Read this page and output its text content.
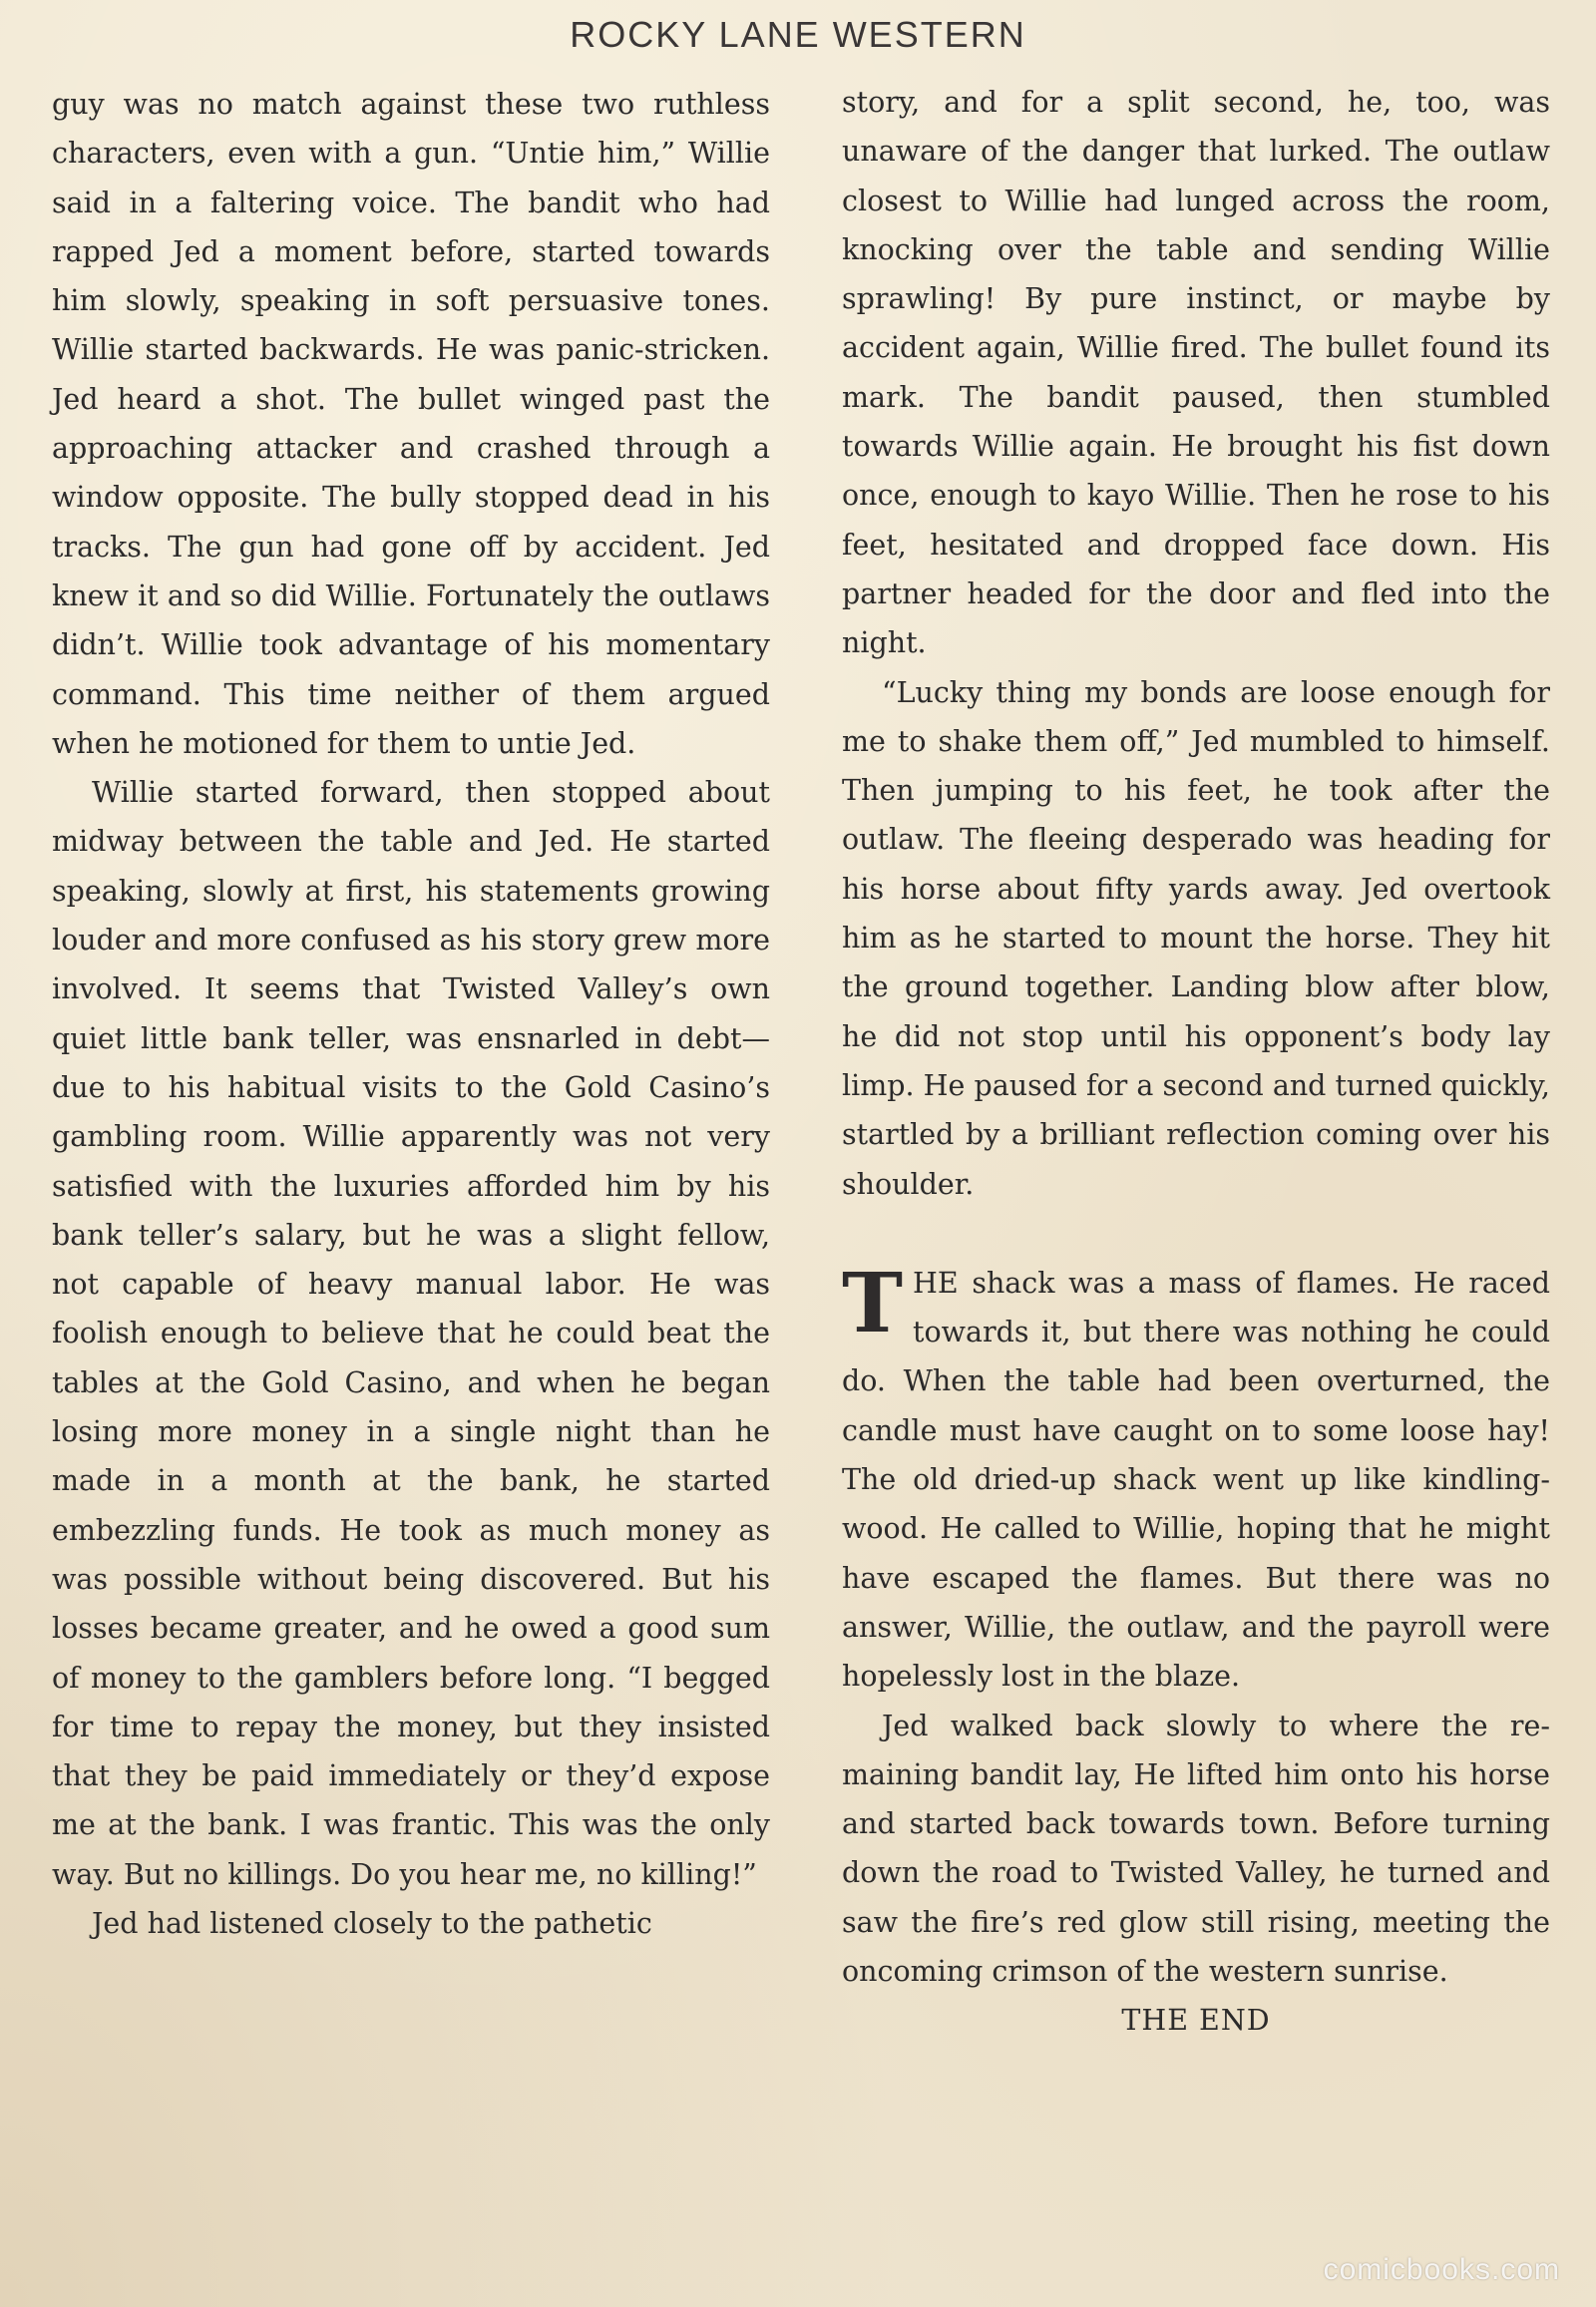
ROCKY LANE WESTERN

guy was no match against these two ruthless characters, even with a gun. “Untie him,” Willie said in a faltering voice. The bandit who had rapped Jed a moment before, started towards him slowly, speaking in soft persuasive tones. Willie started backwards. He was panic-stricken. Jed heard a shot. The bullet winged past the approaching attacker and crashed through a window opposite. The bully stopped dead in his tracks. The gun had gone off by accident. Jed knew it and so did Willie. Fortunately the outlaws didn’t. Willie took advantage of his momentary command. This time neither of them argued when he motioned for them to untie Jed.

Willie started forward, then stopped about midway between the table and Jed. He started speaking, slowly at first, his statements growing louder and more confused as his story grew more involved. It seems that Twisted Valley’s own quiet little bank teller, was ensnarled in debt—due to his habitual visits to the Gold Casino’s gambling room. Willie apparently was not very satisfied with the luxuries afforded him by his bank teller’s salary, but he was a slight fellow, not capable of heavy manual labor. He was foolish enough to believe that he could beat the tables at the Gold Casino, and when he began losing more money in a single night than he made in a month at the bank, he started embezzling funds. He took as much money as was possible without being discovered. But his losses became greater, and he owed a good sum of money to the gamblers before long. “I begged for time to repay the money, but they insisted that they be paid immediately or they’d expose me at the bank. I was frantic. This was the only way. But no killings. Do you hear me, no killing!”

Jed had listened closely to the pathetic

story, and for a split second, he, too, was unaware of the danger that lurked. The outlaw closest to Willie had lunged across the room, knocking over the table and sending Willie sprawling! By pure instinct, or maybe by accident again, Willie fired. The bullet found its mark. The bandit paused, then stumbled towards Willie again. He brought his fist down once, enough to kayo Willie. Then he rose to his feet, hesitated and dropped face down. His partner headed for the door and fled into the night.

“Lucky thing my bonds are loose enough for me to shake them off,” Jed mumbled to himself. Then jumping to his feet, he took after the outlaw. The fleeing desperado was heading for his horse about fifty yards away. Jed overtook him as he started to mount the horse. They hit the ground together. Landing blow after blow, he did not stop until his opponent’s body lay limp. He paused for a second and turned quickly, startled by a brilliant reflection coming over his shoulder.

THE shack was a mass of flames. He raced towards it, but there was nothing he could do. When the table had been overturned, the candle must have caught on to some loose hay! The old dried-up shack went up like kindling-wood. He called to Willie, hoping that he might have escaped the flames. But there was no answer, Willie, the outlaw, and the payroll were hopelessly lost in the blaze.

Jed walked back slowly to where the remaining bandit lay, He lifted him onto his horse and started back towards town. Before turning down the road to Twisted Valley, he turned and saw the fire’s red glow still rising, meeting the oncoming crimson of the western sunrise.

THE END

comicbooks.com
